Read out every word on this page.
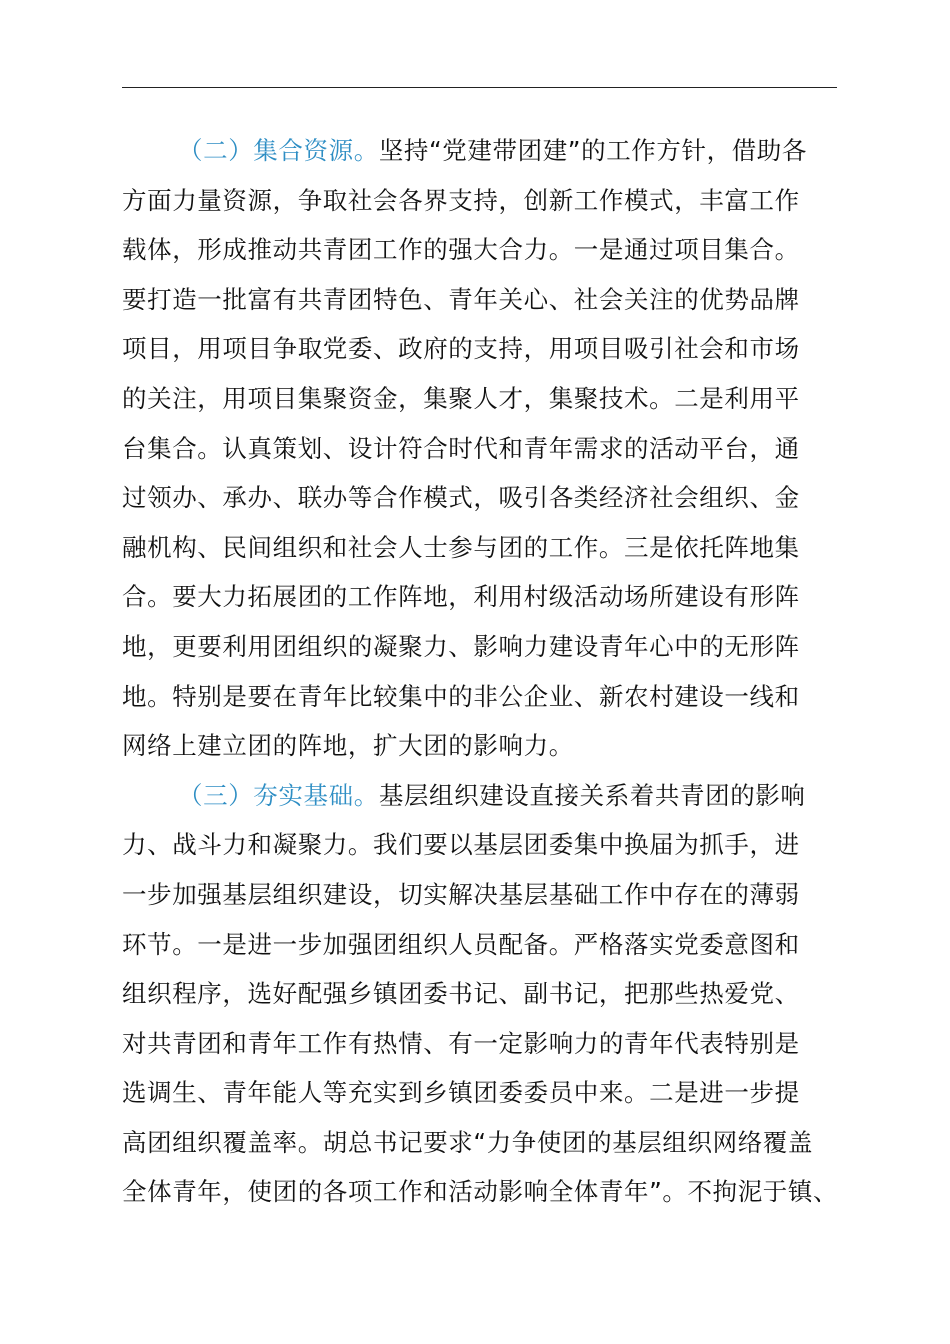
（二）集合资源。坚持“党建带团建”的工作方针，借助各
方面力量资源，争取社会各界支持，创新工作模式，丰富工作
载体，形成推动共青团工作的强大合力。一是通过项目集合。
要打造一批富有共青团特色、青年关心、社会关注的优势品牌
项目，用项目争取党委、政府的支持，用项目吸引社会和市场
的关注，用项目集聚资金，集聚人才，集聚技术。二是利用平
台集合。认真策划、设计符合时代和青年需求的活动平台，通
过领办、承办、联办等合作模式，吸引各类经济社会组织、金
融机构、民间组织和社会人士参与团的工作。三是依托阵地集
合。要大力拓展团的工作阵地，利用村级活动场所建设有形阵
地，更要利用团组织的凝聚力、影响力建设青年心中的无形阵
地。特别是要在青年比较集中的非公企业、新农村建设一线和
网络上建立团的阵地，扩大团的影响力。
（三）夯实基础。基层组织建设直接关系着共青团的影响
力、战斗力和凝聚力。我们要以基层团委集中换届为抓手，进
一步加强基层组织建设，切实解决基层基础工作中存在的薄弱
环节。一是进一步加强团组织人员配备。严格落实党委意图和
组织程序，选好配强乡镇团委书记、副书记，把那些热爱党、
对共青团和青年工作有热情、有一定影响力的青年代表特别是
选调生、青年能人等充实到乡镇团委委员中来。二是进一步提
高团组织覆盖率。胡总书记要求“力争使团的基层组织网络覆盖
全体青年，使团的各项工作和活动影响全体青年”。不拘泥于镇、
